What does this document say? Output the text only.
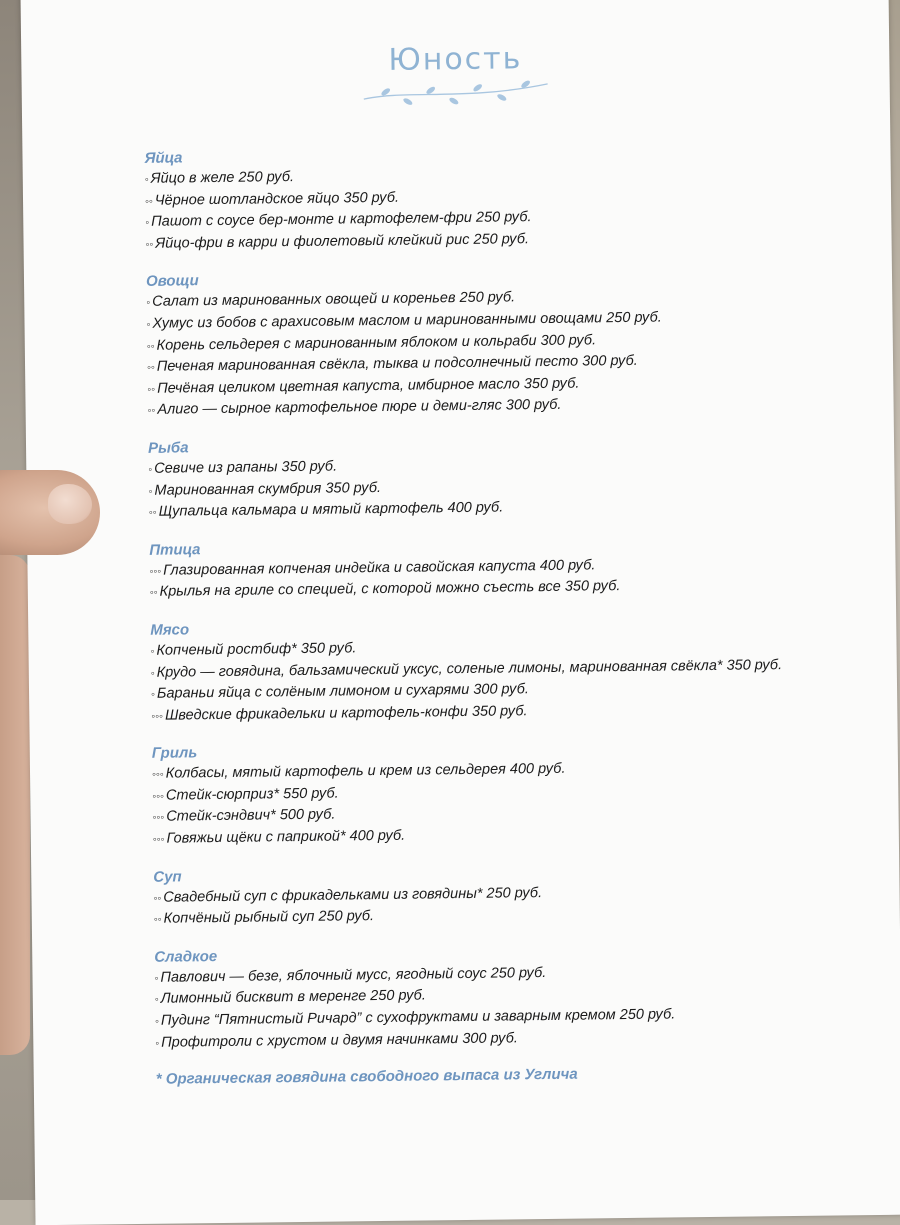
Юность
Яйца
◦ Яйцо в желе 250 руб.
◦◦ Чёрное шотландское яйцо 350 руб.
◦ Пашот с соусе бер-монте и картофелем-фри 250 руб.
◦◦ Яйцо-фри в карри и фиолетовый клейкий рис 250 руб.
Овощи
◦ Салат из маринованных овощей и кореньев 250 руб.
◦ Хумус из бобов с арахисовым маслом и маринованными овощами 250 руб.
◦◦ Корень сельдерея с маринованным яблоком и кольраби 300 руб.
◦◦ Печеная маринованная свёкла, тыква и подсолнечный песто 300 руб.
◦◦ Печёная целиком цветная капуста, имбирное масло 350 руб.
◦◦ Алиго — сырное картофельное пюре и деми-гляс 300 руб.
Рыба
◦ Севиче из рапаны 350 руб.
◦ Маринованная скумбрия 350 руб.
◦◦ Щупальца кальмара и мятый картофель 400 руб.
Птица
◦◦◦ Глазированная копченая индейка и савойская капуста 400 руб.
◦◦ Крылья на гриле со специей, с которой можно съесть все 350 руб.
Мясо
◦ Копченый ростбиф* 350 руб.
◦ Крудо — говядина, бальзамический уксус, соленые лимоны, маринованная свёкла* 350 руб.
◦ Бараньи яйца с солёным лимоном и сухарями 300 руб.
◦◦◦ Шведские фрикадельки и картофель-конфи 350 руб.
Гриль
◦◦◦ Колбасы, мятый картофель и крем из сельдерея 400 руб.
◦◦◦ Стейк-сюрприз* 550 руб.
◦◦◦ Стейк-сэндвич* 500 руб.
◦◦◦ Говяжьи щёки с паприкой* 400 руб.
Суп
◦◦ Свадебный суп с фрикадельками из говядины* 250 руб.
◦◦ Копчёный рыбный суп 250 руб.
Сладкое
◦ Павлович — безе, яблочный мусс, ягодный соус 250 руб.
◦ Лимонный бисквит в меренге 250 руб.
◦ Пудинг “Пятнистый Ричард” с сухофруктами и заварным кремом 250 руб.
◦ Профитроли с хрустом и двумя начинками 300 руб.
* Органическая говядина свободного выпаса из Углича
